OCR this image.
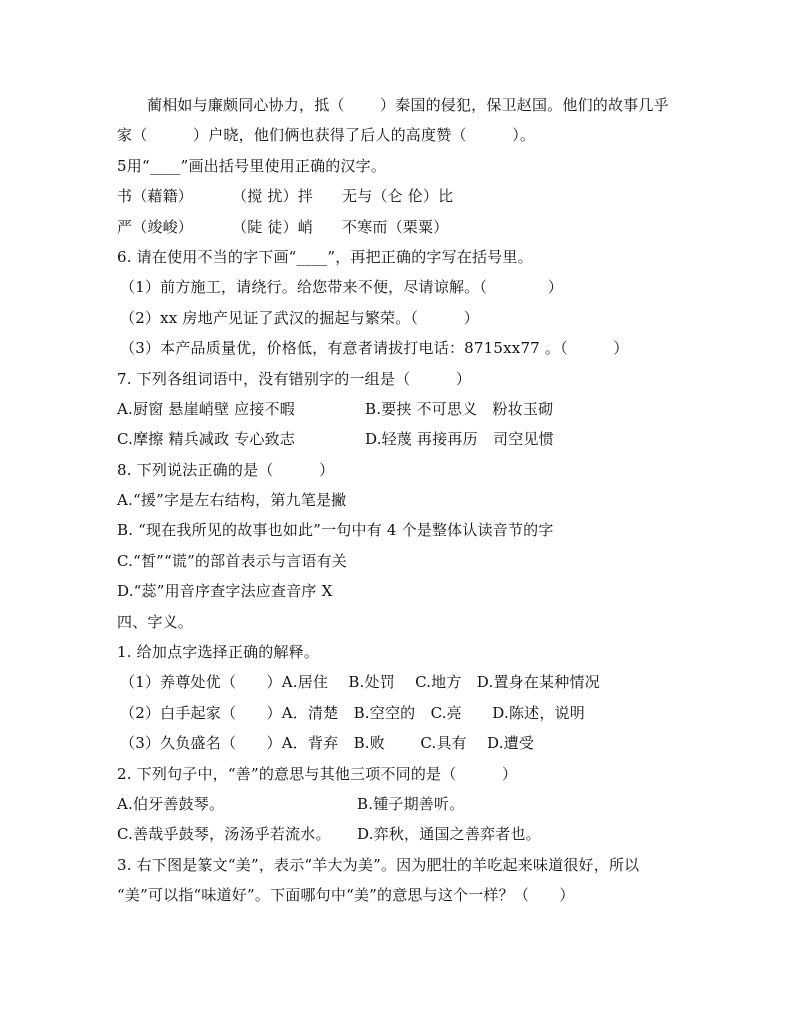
蔺相如与廉颇同心协力，抵（　　 ）秦国的侵犯，保卫赵国。他们的故事几乎
家（　　　）户晓，他们俩也获得了后人的高度赞（　　　）。
5用“____”画出括号里使用正确的汉字。
书（藉籍）	（搅 扰）拌	无与（仑 伦）比
严（竣峻）	（陡 徒）峭	不寒而（栗粟）
6. 请在使用不当的字下画“____”，再把正确的字写在括号里。
（1）前方施工，请绕行。给您带来不便，尽请谅解。（　　　　）
（2）xx 房地产见证了武汉的掘起与繁荣。（　　　）
（3）本产品质量优，价格低，有意者请拔打电话：8715xx77 。（　　　）
7. 下列各组词语中，没有错别字的一组是（　　　）
A.厨窗 悬崖峭壁 应接不暇	B.要挟 不可思义　粉妆玉砌
C.摩擦 精兵减政 专心致志	D.轻蔑 再接再历　司空见惯
8. 下列说法正确的是（　　　）
A.“援”字是左右结构，第九笔是撇
B. “现在我所见的故事也如此”一句中有 4 个是整体认读音节的字
C.“皙”“谎”的部首表示与言语有关
D.“蕊”用音序查字法应查音序 X
四、字义。
1. 给加点字选择正确的解释。
（1）养尊处优（　　）A.居住　 B.处罚　 C.地方　D.置身在某种情况
（2）白手起家（　　）A．清楚　B.空空的　C.亮　　D.陈述，说明
（3）久负盛名（　　）A．背弃　B.败　　 C.具有　 D.遭受
2. 下列句子中，“善”的意思与其他三项不同的是（　　　）
A.伯牙善鼓琴。	B.锺子期善听。
C.善哉乎鼓琴，汤汤乎若流水。	D.弈秋，通国之善弈者也。
3. 右下图是篆文“美”，表示“羊大为美”。因为肥壮的羊吃起来味道很好，所以
“美”可以指“味道好”。下面哪句中“美”的意思与这个一样？（　　）
